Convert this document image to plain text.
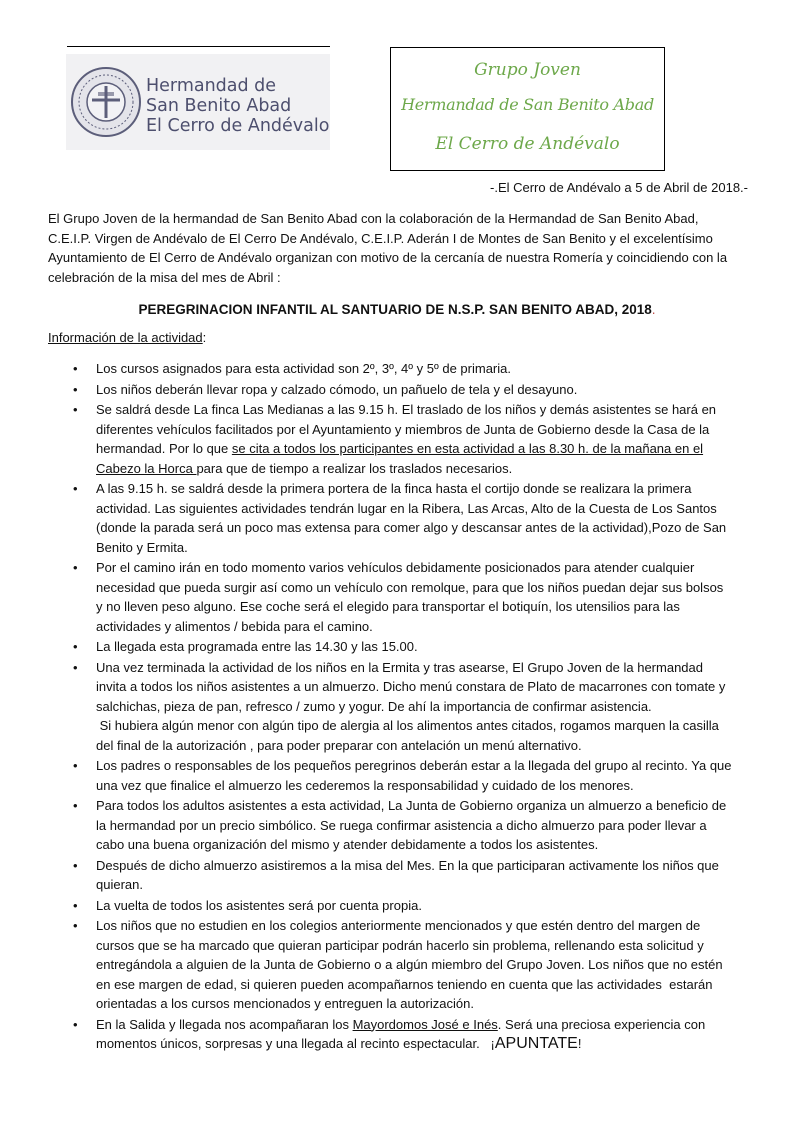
Hermandad de
San Benito Abad
El Cerro de Andévalo
Grupo Joven
Hermandad de San Benito Abad
El Cerro de Andévalo
-.El Cerro de Andévalo a 5 de Abril de 2018.-
El Grupo Joven de la hermandad de San Benito Abad con la colaboración de la Hermandad de San Benito Abad,
C.E.I.P. Virgen de Andévalo de El Cerro De Andévalo, C.E.I.P. Aderán I de Montes de San Benito y el excelentísimo
Ayuntamiento de El Cerro de Andévalo organizan con motivo de la cercanía de nuestra Romería y coincidiendo con la
celebración de la misa del mes de Abril :
PEREGRINACION INFANTIL AL SANTUARIO DE N.S.P. SAN BENITO ABAD, 2018.
Información de la actividad:
• Los cursos asignados para esta actividad son 2º, 3º, 4º y 5º de primaria.
• Los niños deberán llevar ropa y calzado cómodo, un pañuelo de tela y el desayuno.
• Se saldrá desde La finca Las Medianas a las 9.15 h. El traslado de los niños y demás asistentes se hará en
diferentes vehículos facilitados por el Ayuntamiento y miembros de Junta de Gobierno desde la Casa de la
hermandad. Por lo que se cita a todos los participantes en esta actividad a las 8.30 h. de la mañana en el
Cabezo la Horca para que de tiempo a realizar los traslados necesarios.
• A las 9.15 h. se saldrá desde la primera portera de la finca hasta el cortijo donde se realizara la primera
actividad. Las siguientes actividades tendrán lugar en la Ribera, Las Arcas, Alto de la Cuesta de Los Santos
(donde la parada será un poco mas extensa para comer algo y descansar antes de la actividad),Pozo de San
Benito y Ermita.
• Por el camino irán en todo momento varios vehículos debidamente posicionados para atender cualquier
necesidad que pueda surgir así como un vehículo con remolque, para que los niños puedan dejar sus bolsos
y no lleven peso alguno. Ese coche será el elegido para transportar el botiquín, los utensilios para las
actividades y alimentos / bebida para el camino.
• La llegada esta programada entre las 14.30 y las 15.00.
• Una vez terminada la actividad de los niños en la Ermita y tras asearse, El Grupo Joven de la hermandad
invita a todos los niños asistentes a un almuerzo. Dicho menú constara de Plato de macarrones con tomate y
salchichas, pieza de pan, refresco / zumo y yogur. De ahí la importancia de confirmar asistencia.
Si hubiera algún menor con algún tipo de alergia al los alimentos antes citados, rogamos marquen la casilla
del final de la autorización , para poder preparar con antelación un menú alternativo.
• Los padres o responsables de los pequeños peregrinos deberán estar a la llegada del grupo al recinto. Ya que
una vez que finalice el almuerzo les cederemos la responsabilidad y cuidado de los menores.
• Para todos los adultos asistentes a esta actividad, La Junta de Gobierno organiza un almuerzo a beneficio de
la hermandad por un precio simbólico. Se ruega confirmar asistencia a dicho almuerzo para poder llevar a
cabo una buena organización del mismo y atender debidamente a todos los asistentes.
• Después de dicho almuerzo asistiremos a la misa del Mes. En la que participaran activamente los niños que
quieran.
• La vuelta de todos los asistentes será por cuenta propia.
• Los niños que no estudien en los colegios anteriormente mencionados y que estén dentro del margen de
cursos que se ha marcado que quieran participar podrán hacerlo sin problema, rellenando esta solicitud y
entregándola a alguien de la Junta de Gobierno o a algún miembro del Grupo Joven. Los niños que no estén
en ese margen de edad, si quieren pueden acompañarnos teniendo en cuenta que las actividades  estarán
orientadas a los cursos mencionados y entreguen la autorización.
• En la Salida y llegada nos acompañaran los Mayordomos José e Inés. Será una preciosa experiencia con
momentos únicos, sorpresas y una llegada al recinto espectacular.   ¡APUNTATE!
